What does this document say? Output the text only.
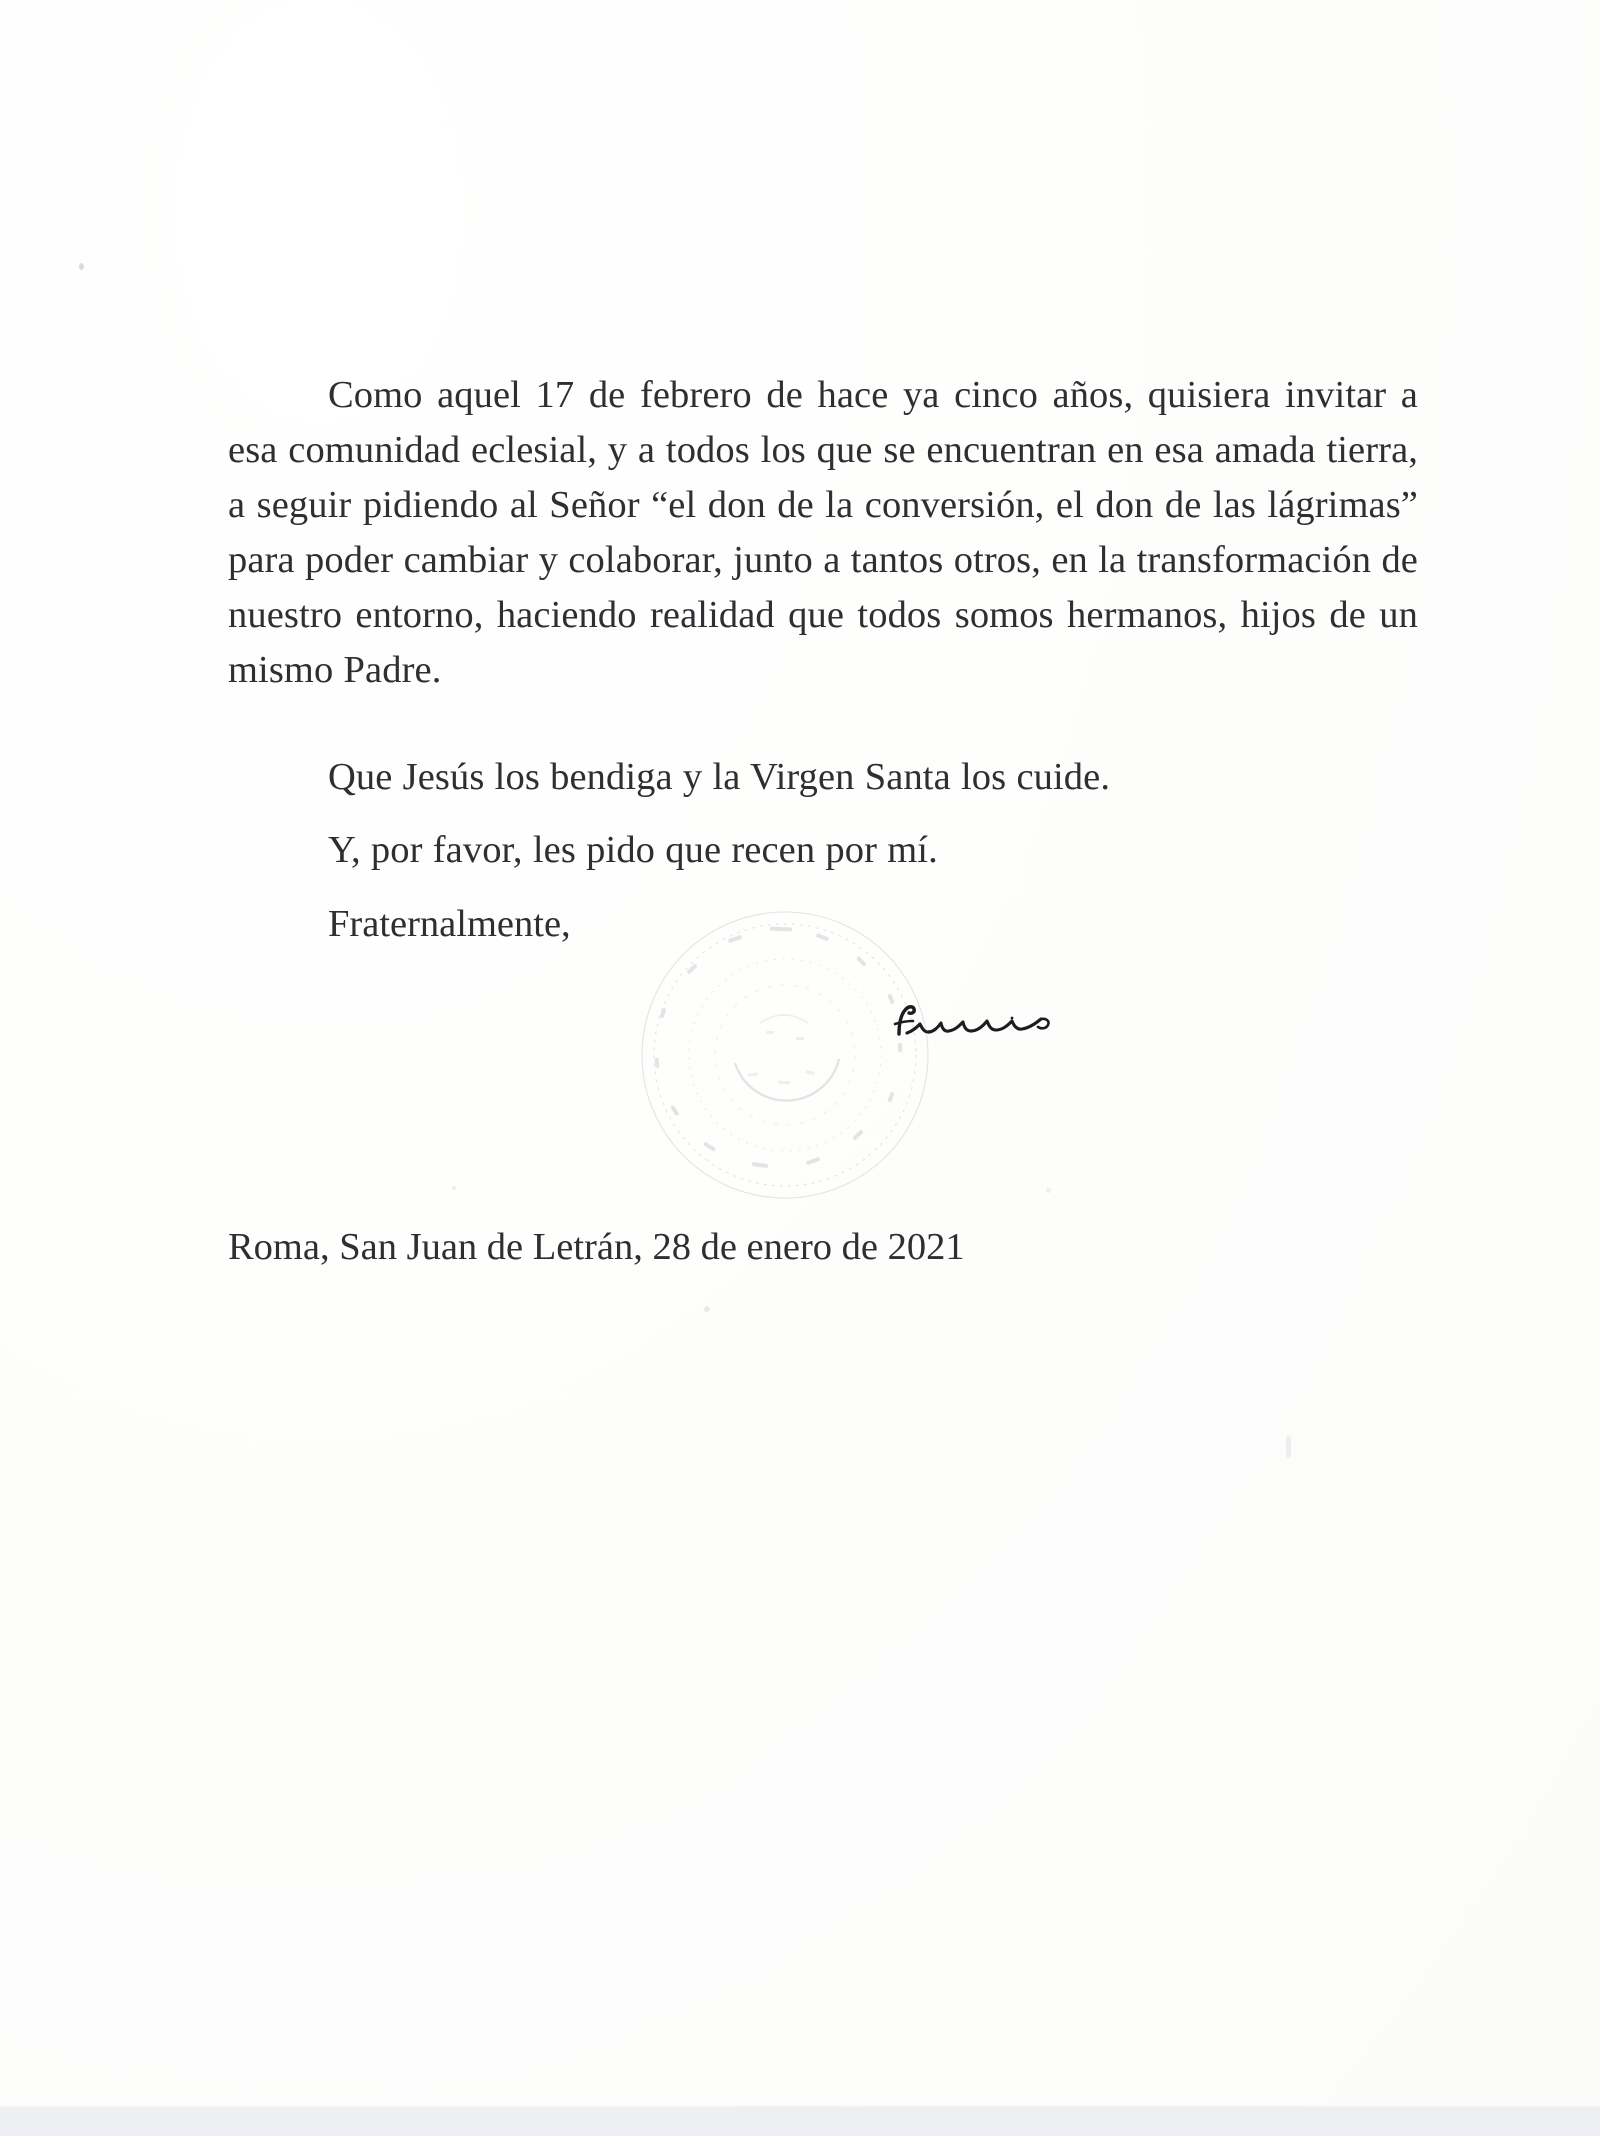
Como aquel 17 de febrero de hace ya cinco años, quisiera invitar a esa comunidad eclesial, y a todos los que se encuentran en esa amada tierra, a seguir pidiendo al Señor “el don de la conversión, el don de las lágrimas” para poder cambiar y colaborar, junto a tantos otros, en la transformación de nuestro entorno, haciendo realidad que todos somos hermanos, hijos de un mismo Padre.

Que Jesús los bendiga y la Virgen Santa los cuide.

Y, por favor, les pido que recen por mí.

Fraternalmente,

Roma, San Juan de Letrán, 28 de enero de 2021
